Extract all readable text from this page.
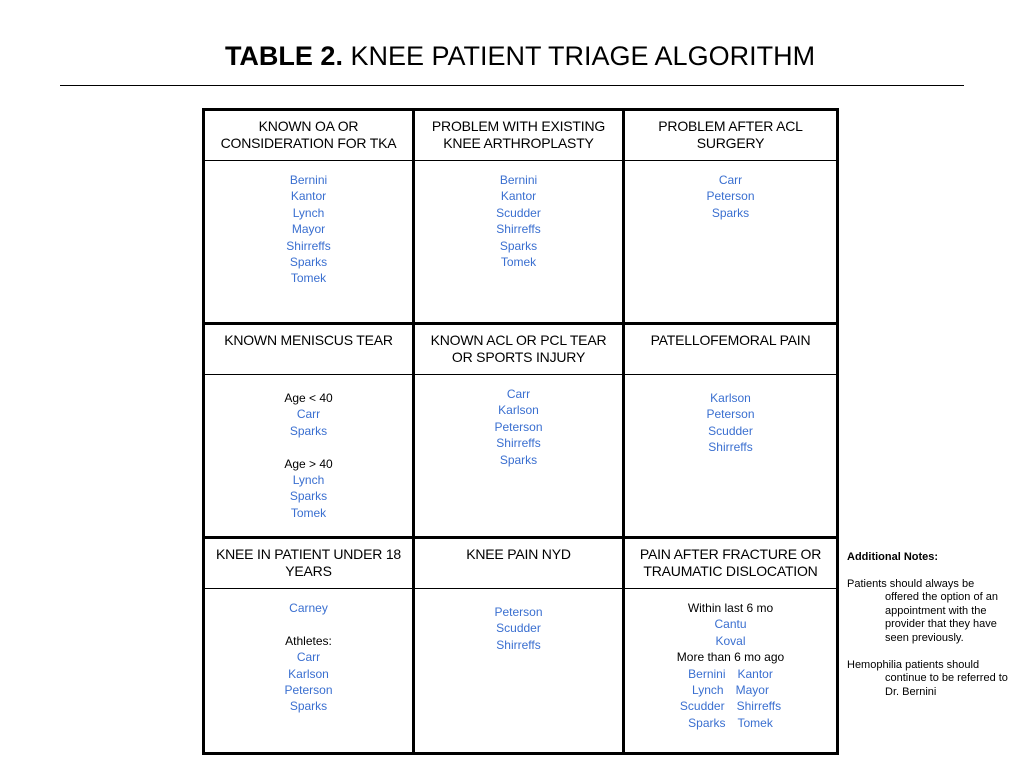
TABLE 2. KNEE PATIENT TRIAGE ALGORITHM
KNOWN OA OR CONSIDERATION FOR TKA
Bernini
Kantor
Lynch
Mayor
Shirreffs
Sparks
Tomek
PROBLEM WITH EXISTING KNEE ARTHROPLASTY
Bernini
Kantor
Scudder
Shirreffs
Sparks
Tomek
PROBLEM AFTER ACL SURGERY
Carr
Peterson
Sparks
KNOWN MENISCUS TEAR
Age < 40
Carr
Sparks
Age > 40
Lynch
Sparks
Tomek
KNOWN ACL OR PCL TEAR OR SPORTS INJURY
Carr
Karlson
Peterson
Shirreffs
Sparks
PATELLOFEMORAL PAIN
Karlson
Peterson
Scudder
Shirreffs
KNEE IN PATIENT UNDER 18 YEARS
Carney
Athletes:
Carr
Karlson
Peterson
Sparks
KNEE PAIN NYD
Peterson
Scudder
Shirreffs
PAIN AFTER FRACTURE OR TRAUMATIC DISLOCATION
Within last 6 mo
Cantu
Koval
More than 6 mo ago
Bernini Kantor
Lynch Mayor
Scudder Shirreffs
Sparks Tomek
Additional Notes:
Patients should always be
offered the option of an appointment with the provider that they have seen previously.
Hemophilia patients should
continue to be referred to Dr. Bernini
